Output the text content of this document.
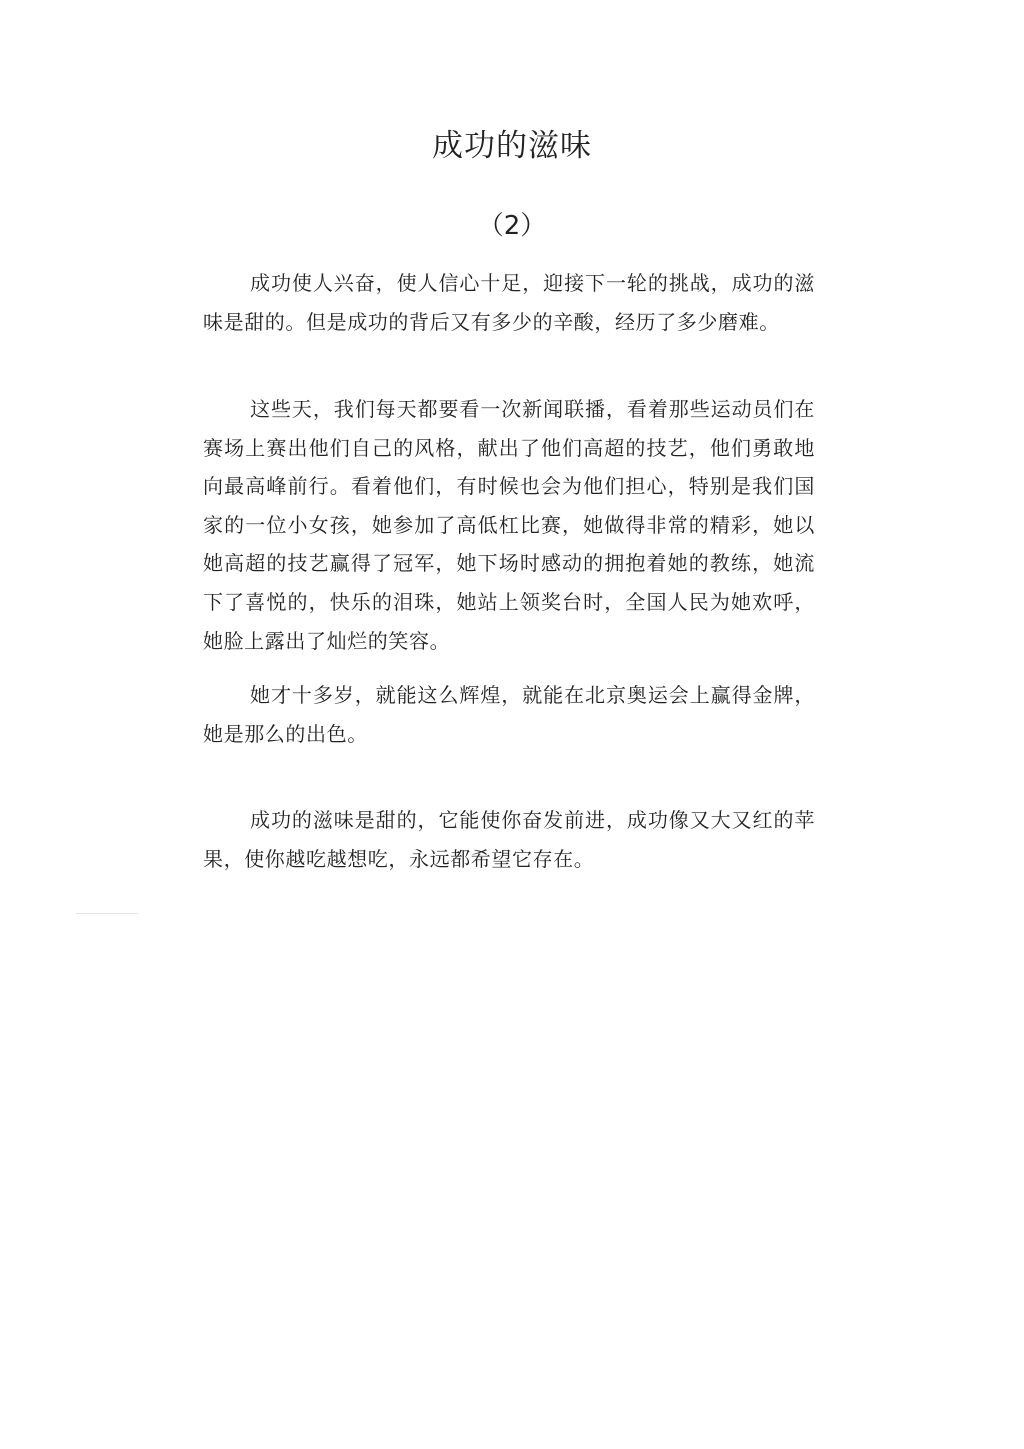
成功的滋味
（2）

成功使人兴奋，使人信心十足，迎接下一轮的挑战，成功的滋味是甜的。但是成功的背后又有多少的辛酸，经历了多少磨难。

这些天，我们每天都要看一次新闻联播，看着那些运动员们在赛场上赛出他们自己的风格，献出了他们高超的技艺，他们勇敢地向最高峰前行。看着他们，有时候也会为他们担心，特别是我们国家的一位小女孩，她参加了高低杠比赛，她做得非常的精彩，她以她高超的技艺赢得了冠军，她下场时感动的拥抱着她的教练，她流下了喜悦的，快乐的泪珠，她站上领奖台时，全国人民为她欢呼，她脸上露出了灿烂的笑容。

她才十多岁，就能这么辉煌，就能在北京奥运会上赢得金牌，她是那么的出色。

成功的滋味是甜的，它能使你奋发前进，成功像又大又红的苹果，使你越吃越想吃，永远都希望它存在。
